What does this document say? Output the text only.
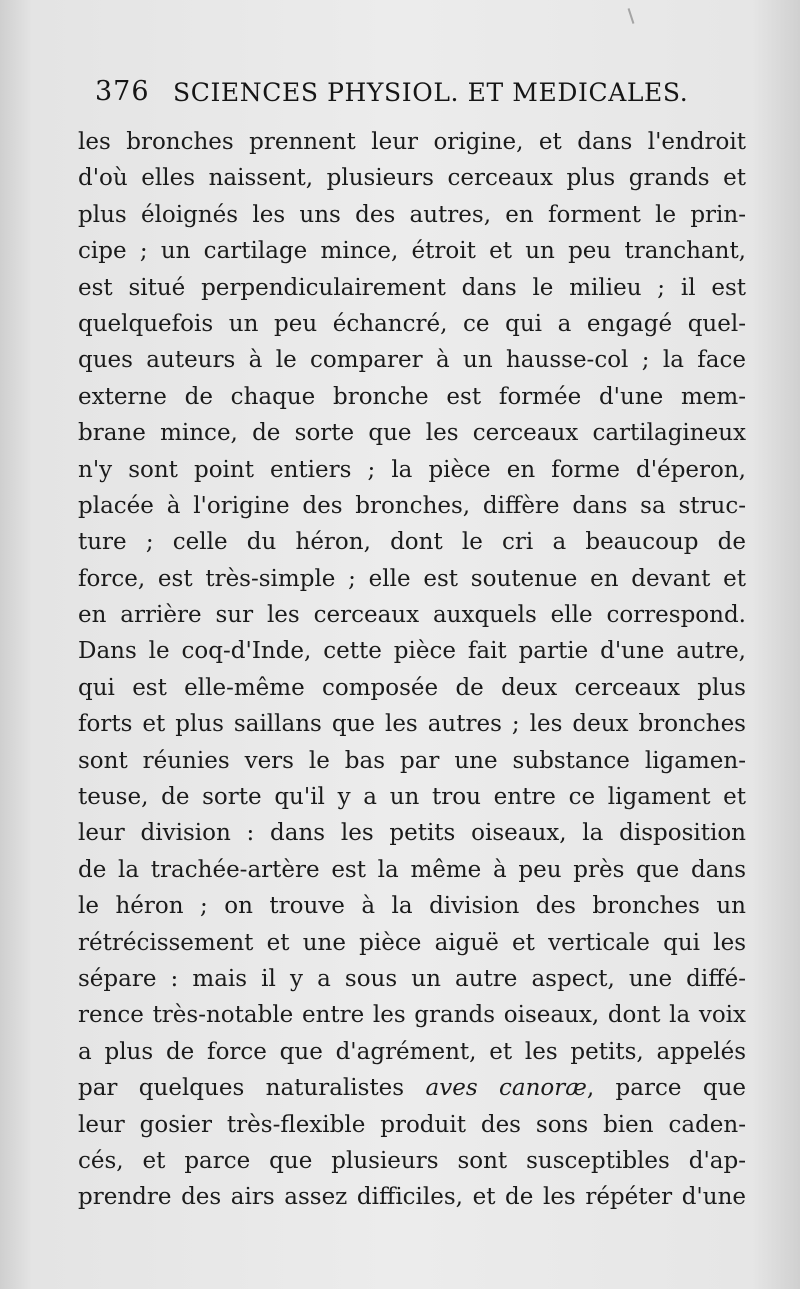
376 SCIENCES PHYSIOL. ET MEDICALES.
les bronches prennent leur origine, et dans l'endroit
d'où elles naissent, plusieurs cerceaux plus grands et
plus éloignés les uns des autres, en forment le prin-
cipe ; un cartilage mince, étroit et un peu tranchant,
est situé perpendiculairement dans le milieu ; il est
quelquefois un peu échancré, ce qui a engagé quel-
ques auteurs à le comparer à un hausse-col ; la face
externe de chaque bronche est formée d'une mem-
brane mince, de sorte que les cerceaux cartilagineux
n'y sont point entiers ; la pièce en forme d'éperon,
placée à l'origine des bronches, diffère dans sa struc-
ture ; celle du héron, dont le cri a beaucoup de
force, est très-simple ; elle est soutenue en devant et
en arrière sur les cerceaux auxquels elle correspond.
Dans le coq-d'Inde, cette pièce fait partie d'une autre,
qui est elle-même composée de deux cerceaux plus
forts et plus saillans que les autres ; les deux bronches
sont réunies vers le bas par une substance ligamen-
teuse, de sorte qu'il y a un trou entre ce ligament et
leur division : dans les petits oiseaux, la disposition
de la trachée-artère est la même à peu près que dans
le héron ; on trouve à la division des bronches un
rétrécissement et une pièce aiguë et verticale qui les
sépare : mais il y a sous un autre aspect, une diffé-
rence très-notable entre les grands oiseaux, dont la voix
a plus de force que d'agrément, et les petits, appelés
par quelques naturalistes aves canoræ, parce que
leur gosier très-flexible produit des sons bien caden-
cés, et parce que plusieurs sont susceptibles d'ap-
prendre des airs assez difficiles, et de les répéter d'une
